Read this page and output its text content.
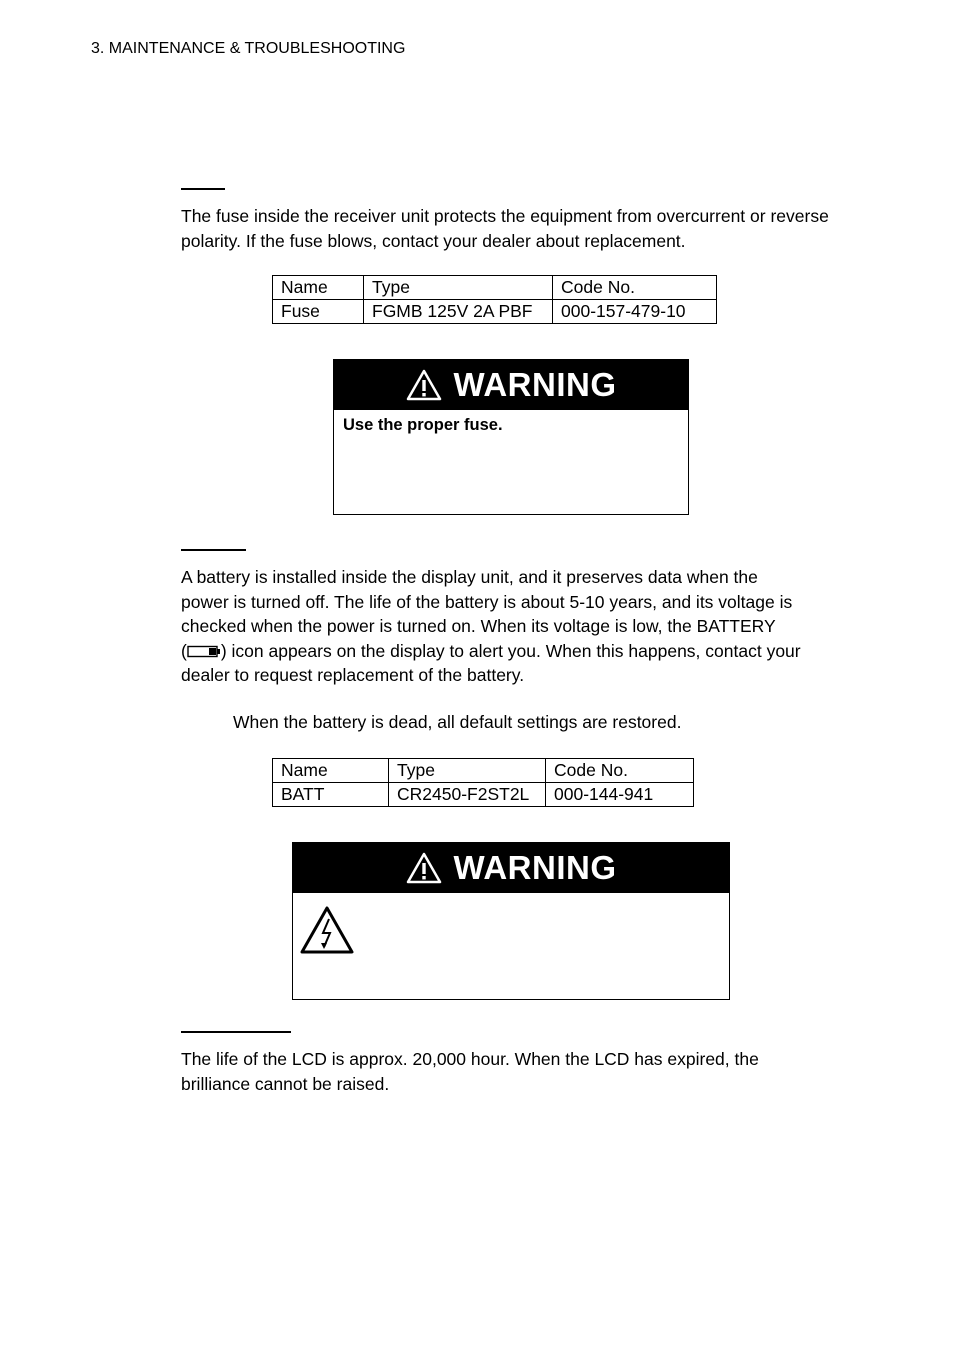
3. MAINTENANCE & TROUBLESHOOTING
The fuse inside the receiver unit protects the equipment from overcurrent or reverse polarity. If the fuse blows, contact your dealer about replacement.
Name	Type	Code No.
Fuse	FGMB 125V 2A PBF	000-157-479-10
WARNING
Use the proper fuse.
A battery is installed inside the display unit, and it preserves data when the
power is turned off. The life of the battery is about 5-10 years, and its voltage is
checked when the power is turned on. When its voltage is low, the BATTERY
( ) icon appears on the display to alert you. When this happens, contact your
dealer to request replacement of the battery.
When the battery is dead, all default settings are restored.
Name	Type	Code No.
BATT	CR2450-F2ST2L	000-144-941
WARNING
The life of the LCD is approx. 20,000 hour. When the LCD has expired, the brilliance cannot be raised.
